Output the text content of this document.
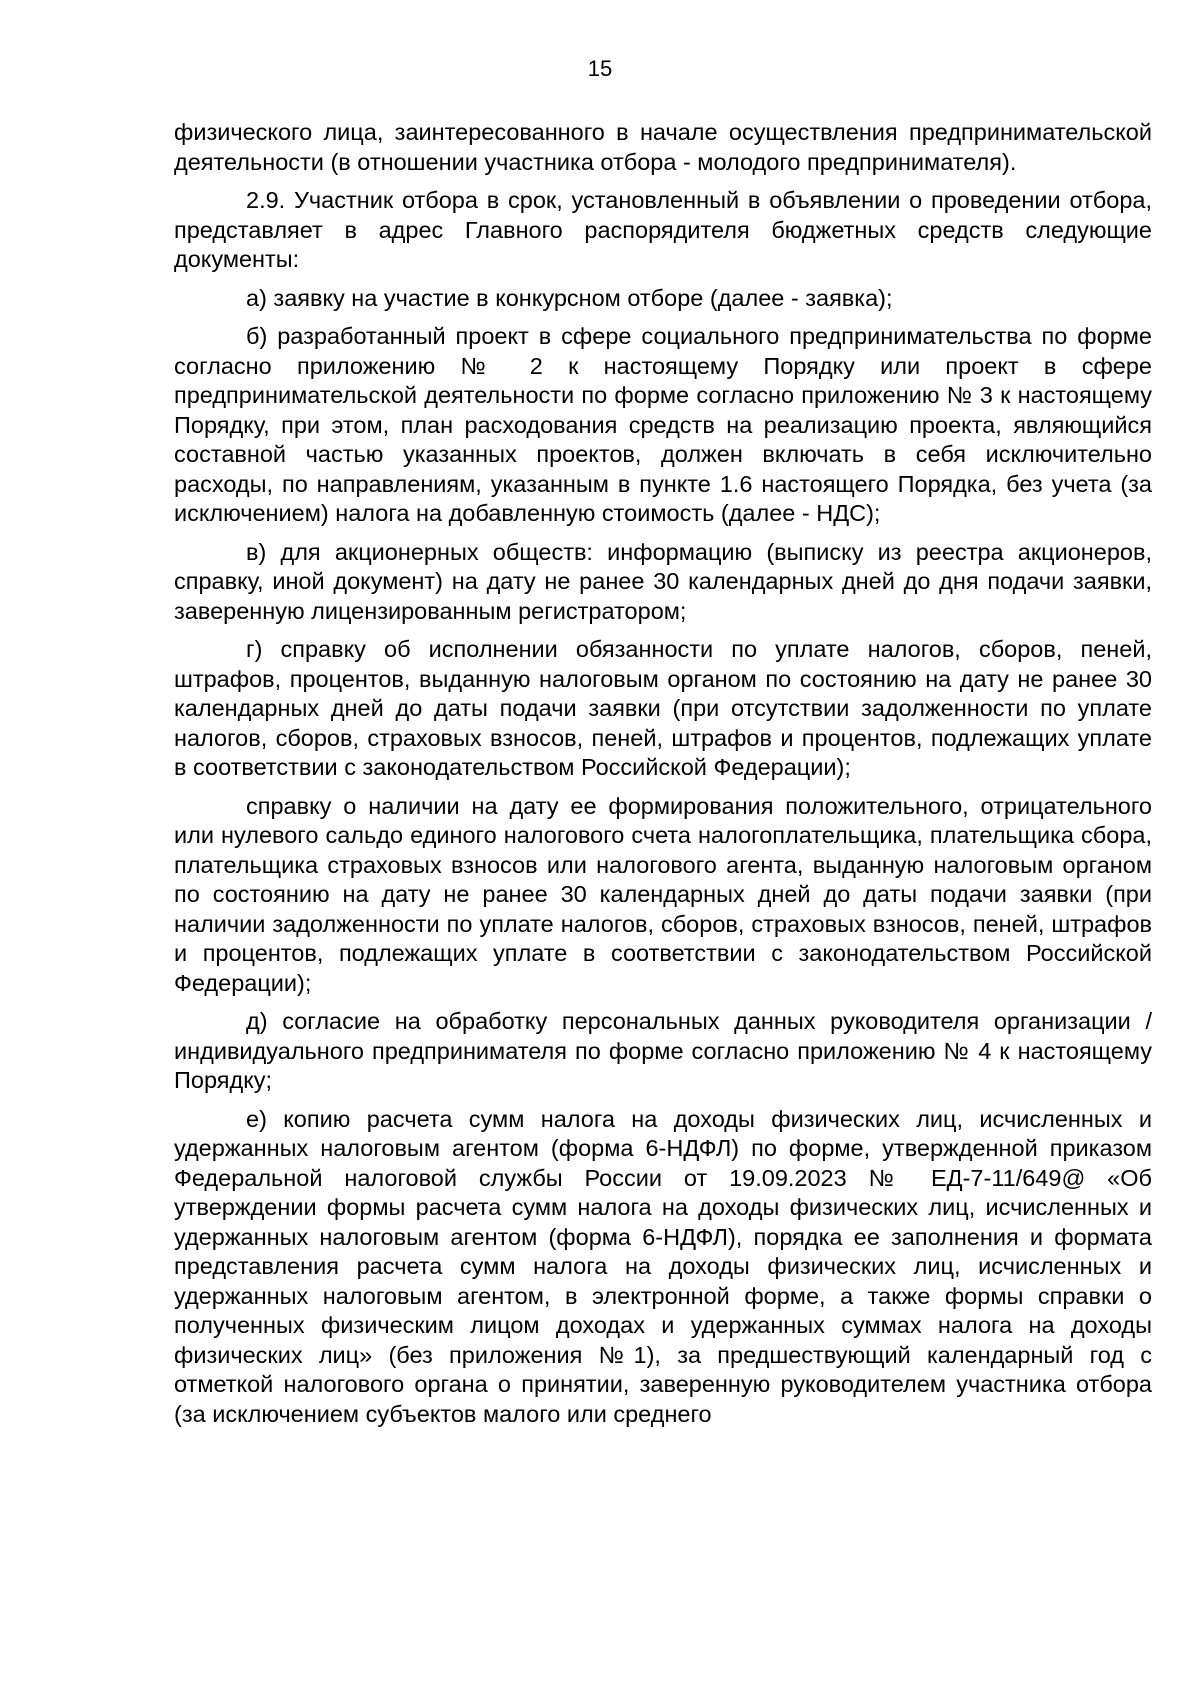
15

физического лица, заинтересованного в начале осуществления предпринимательской деятельности (в отношении участника отбора - молодого предпринимателя).

2.9. Участник отбора в срок, установленный в объявлении о проведении отбора, представляет в адрес Главного распорядителя бюджетных средств следующие документы:

а) заявку на участие в конкурсном отборе (далее - заявка);

б) разработанный проект в сфере социального предпринимательства по форме согласно приложению № 2 к настоящему Порядку или проект в сфере предпринимательской деятельности по форме согласно приложению № 3 к настоящему Порядку, при этом, план расходования средств на реализацию проекта, являющийся составной частью указанных проектов, должен включать в себя исключительно расходы, по направлениям, указанным в пункте 1.6 настоящего Порядка, без учета (за исключением) налога на добавленную стоимость (далее - НДС);

в) для акционерных обществ: информацию (выписку из реестра акционеров, справку, иной документ) на дату не ранее 30 календарных дней до дня подачи заявки, заверенную лицензированным регистратором;

г) справку об исполнении обязанности по уплате налогов, сборов, пеней, штрафов, процентов, выданную налоговым органом по состоянию на дату не ранее 30 календарных дней до даты подачи заявки (при отсутствии задолженности по уплате налогов, сборов, страховых взносов, пеней, штрафов и процентов, подлежащих уплате в соответствии с законодательством Российской Федерации);

справку о наличии на дату ее формирования положительного, отрицательного или нулевого сальдо единого налогового счета налогоплательщика, плательщика сбора, плательщика страховых взносов или налогового агента, выданную налоговым органом по состоянию на дату не ранее 30 календарных дней до даты подачи заявки (при наличии задолженности по уплате налогов, сборов, страховых взносов, пеней, штрафов и процентов, подлежащих уплате в соответствии с законодательством Российской Федерации);

д) согласие на обработку персональных данных руководителя организации / индивидуального предпринимателя по форме согласно приложению № 4 к настоящему Порядку;

е) копию расчета сумм налога на доходы физических лиц, исчисленных и удержанных налоговым агентом (форма 6-НДФЛ) по форме, утвержденной приказом Федеральной налоговой службы России от 19.09.2023 № ЕД-7-11/649@ «Об утверждении формы расчета сумм налога на доходы физических лиц, исчисленных и удержанных налоговым агентом (форма 6-НДФЛ), порядка ее заполнения и формата представления расчета сумм налога на доходы физических лиц, исчисленных и удержанных налоговым агентом, в электронной форме, а также формы справки о полученных физическим лицом доходах и удержанных суммах налога на доходы физических лиц» (без приложения №1), за предшествующий календарный год с отметкой налогового органа о принятии, заверенную руководителем участника отбора (за исключением субъектов малого или среднего
